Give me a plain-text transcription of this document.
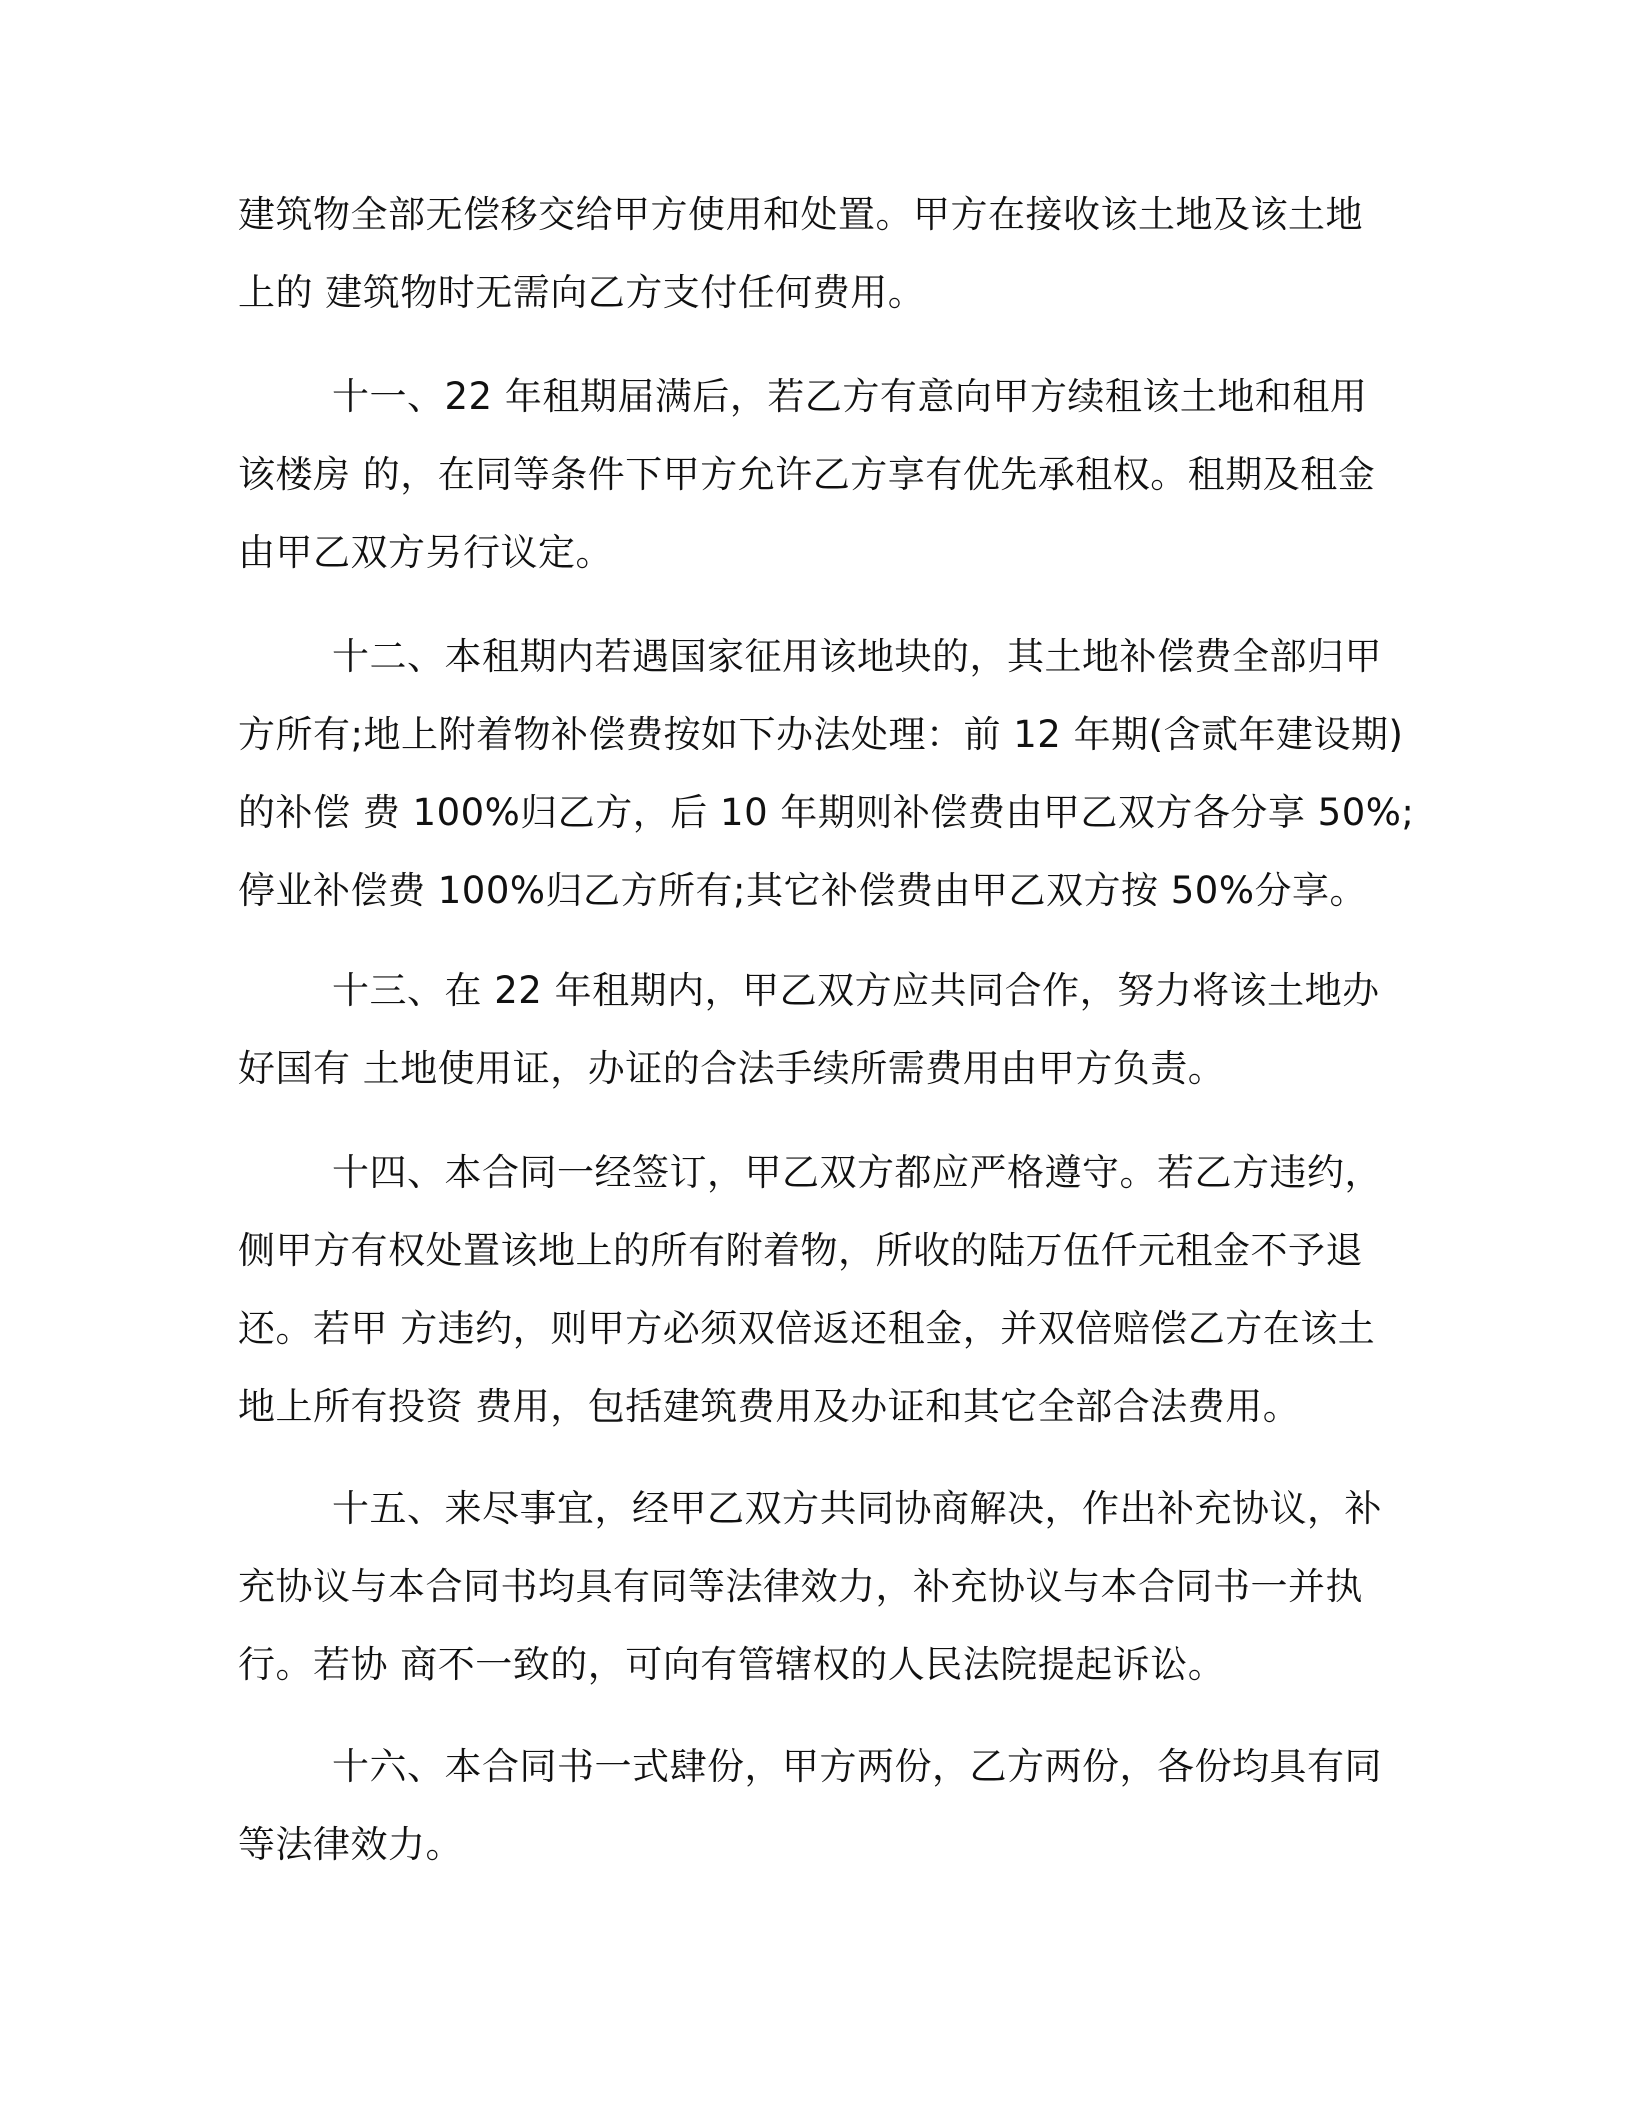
建筑物全部无偿移交给甲方使用和处置。甲方在接收该土地及该土地
上的 建筑物时无需向乙方支付任何费用。
十一、22 年租期届满后，若乙方有意向甲方续租该土地和租用
该楼房 的，在同等条件下甲方允许乙方享有优先承租权。租期及租金
由甲乙双方另行议定。
十二、本租期内若遇国家征用该地块的，其土地补偿费全部归甲
方所有;地上附着物补偿费按如下办法处理：前 12 年期(含贰年建设期)
的补偿 费 100%归乙方，后 10 年期则补偿费由甲乙双方各分享 50%;
停业补偿费 100%归乙方所有;其它补偿费由甲乙双方按 50%分享。
十三、在 22 年租期内，甲乙双方应共同合作，努力将该土地办
好国有 土地使用证，办证的合法手续所需费用由甲方负责。
十四、本合同一经签订，甲乙双方都应严格遵守。若乙方违约，
侧甲方有权处置该地上的所有附着物，所收的陆万伍仟元租金不予退
还。若甲 方违约，则甲方必须双倍返还租金，并双倍赔偿乙方在该土
地上所有投资 费用，包括建筑费用及办证和其它全部合法费用。
十五、来尽事宜，经甲乙双方共同协商解决，作出补充协议，补
充协议与本合同书均具有同等法律效力，补充协议与本合同书一并执
行。若协 商不一致的，可向有管辖权的人民法院提起诉讼。
十六、本合同书一式肆份，甲方两份，乙方两份，各份均具有同
等法律效力。
